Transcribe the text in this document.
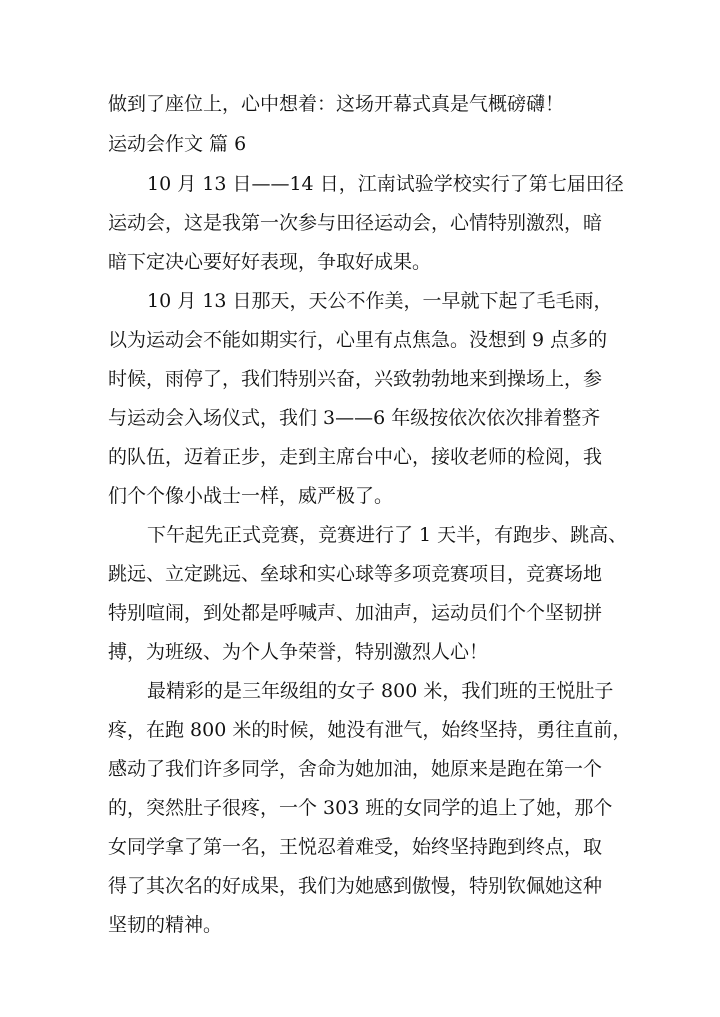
做到了座位上，心中想着：这场开幕式真是气概磅礴！
运动会作文 篇 6
10 月 13 日——14 日，江南试验学校实行了第七届田径
运动会，这是我第一次参与田径运动会，心情特别激烈，暗
暗下定决心要好好表现，争取好成果。
10 月 13 日那天，天公不作美，一早就下起了毛毛雨，
以为运动会不能如期实行，心里有点焦急。没想到 9 点多的
时候，雨停了，我们特别兴奋，兴致勃勃地来到操场上，参
与运动会入场仪式，我们 3——6 年级按依次依次排着整齐
的队伍，迈着正步，走到主席台中心，接收老师的检阅，我
们个个像小战士一样，威严极了。
下午起先正式竞赛，竞赛进行了 1 天半，有跑步、跳高、
跳远、立定跳远、垒球和实心球等多项竞赛项目，竞赛场地
特别喧闹，到处都是呼喊声、加油声，运动员们个个坚韧拼
搏，为班级、为个人争荣誉，特别激烈人心！
最精彩的是三年级组的女子 800 米，我们班的王悦肚子
疼，在跑 800 米的时候，她没有泄气，始终坚持，勇往直前，
感动了我们许多同学，舍命为她加油，她原来是跑在第一个
的，突然肚子很疼，一个 303 班的女同学的追上了她，那个
女同学拿了第一名，王悦忍着难受，始终坚持跑到终点，取
得了其次名的好成果，我们为她感到傲慢，特别钦佩她这种
坚韧的精神。
